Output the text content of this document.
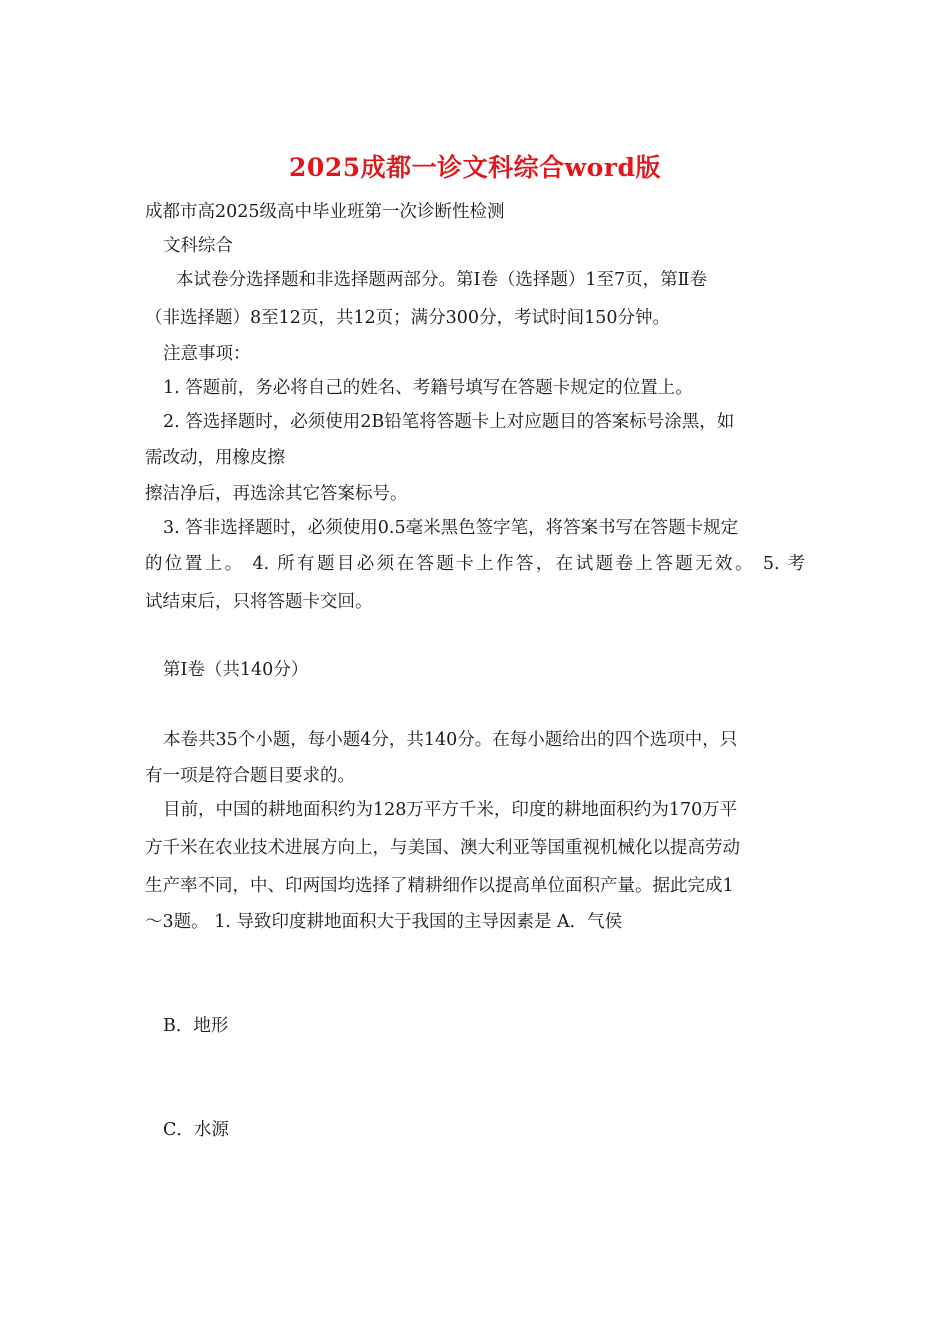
2025成都一诊文科综合word版
成都市高2025级高中毕业班第一次诊断性检测
文科综合
本试卷分选择题和非选择题两部分。第Ⅰ卷（选择题）1至7页，第Ⅱ卷
（非选择题）8至12页，共12页；满分300分，考试时间150分钟。
注意事项：
1. 答题前，务必将自己的姓名、考籍号填写在答题卡规定的位置上。
2. 答选择题时，必须使用2B铅笔将答题卡上对应题目的答案标号涂黑，如
需改动，用橡皮擦
擦洁净后，再选涂其它答案标号。
3. 答非选择题时，必须使用0.5毫米黑色签字笔，将答案书写在答题卡规定
的位置上。 4. 所有题目必须在答题卡上作答，在试题卷上答题无效。 5. 考
试结束后，只将答题卡交回。
第Ⅰ卷（共140分）
本卷共35个小题，每小题4分，共140分。在每小题给出的四个选项中，只
有一项是符合题目要求的。
目前，中国的耕地面积约为128万平方千米，印度的耕地面积约为170万平
方千米在农业技术进展方向上，与美国、澳大利亚等国重视机械化以提高劳动
生产率不同，中、印两国均选择了精耕细作以提高单位面积产量。据此完成1
～3题。 1. 导致印度耕地面积大于我国的主导因素是 A．气侯
B．地形
C．水源
